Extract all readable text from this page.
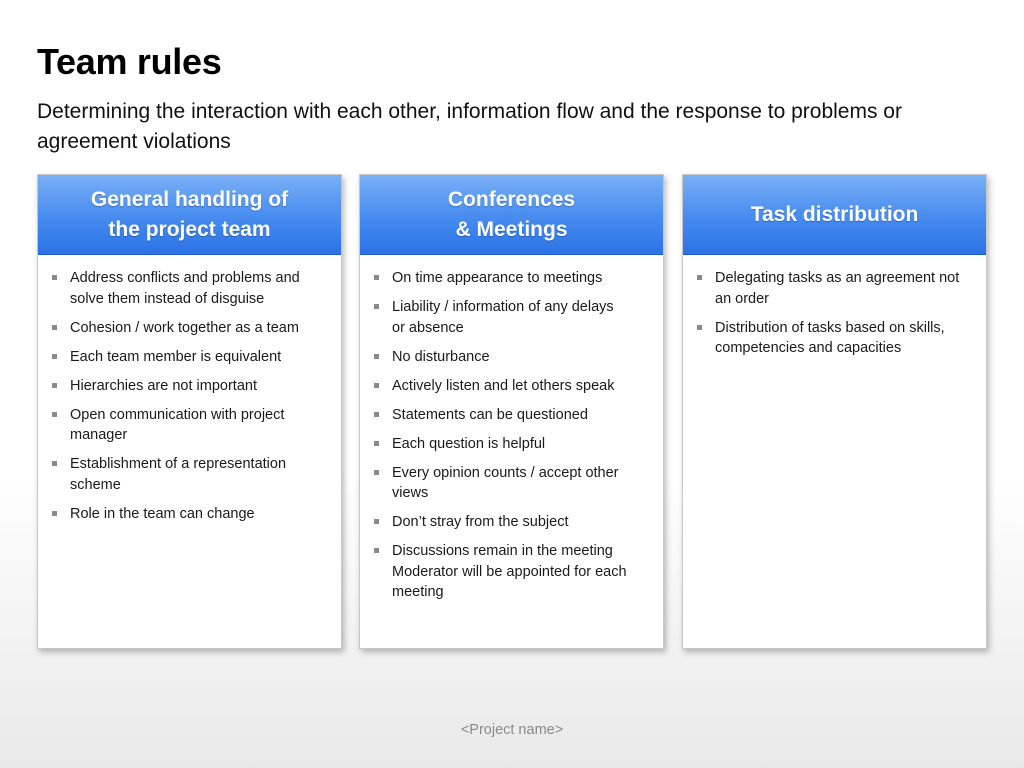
Team rules
Determining the interaction with each other, information flow and the response to problems or agreement violations
General handling of
the project team
Address conflicts and problems and
solve them instead of disguise
Cohesion / work together as a team
Each team member is equivalent
Hierarchies are not important
Open communication with project
manager
Establishment of a representation
scheme
Role in the team can change
Conferences
& Meetings
On time appearance to meetings
Liability / information of any delays
or absence
No disturbance
Actively listen and let others speak
Statements can be questioned
Each question is helpful
Every opinion counts / accept other
views
Don’t stray from the subject
Discussions remain in the meeting
Moderator will be appointed for each
meeting
Task distribution
Delegating tasks as an agreement not
an order
Distribution of tasks based on skills,
competencies and capacities
<Project name>
